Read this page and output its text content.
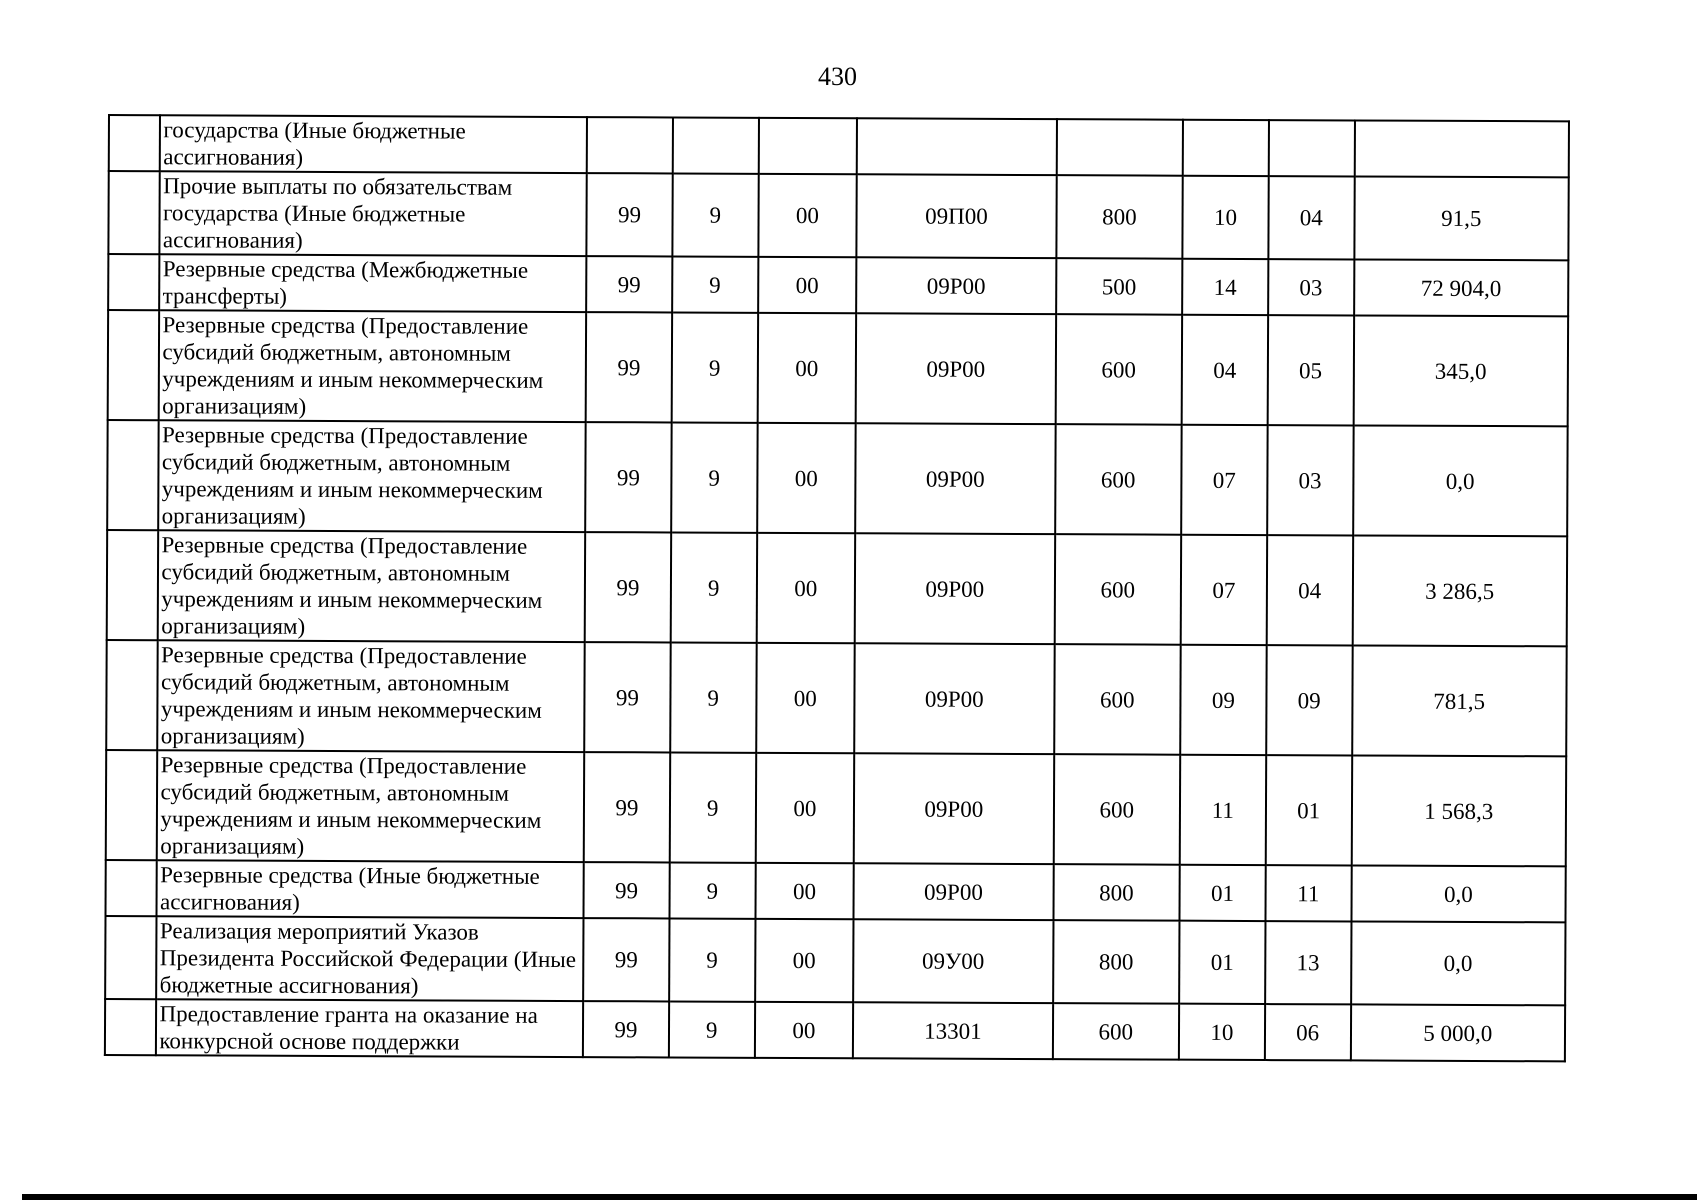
430
	государства (Иные бюджетные ассигнования)								
	Прочие выплаты по обязательствам государства (Иные бюджетные ассигнования)	99	9	00	09П00	800	10	04	91,5
	Резервные средства (Межбюджетные трансферты)	99	9	00	09Р00	500	14	03	72 904,0
	Резервные средства (Предоставление субсидий бюджетным, автономным учреждениям и иным некоммерческим организациям)	99	9	00	09Р00	600	04	05	345,0
	Резервные средства (Предоставление субсидий бюджетным, автономным учреждениям и иным некоммерческим организациям)	99	9	00	09Р00	600	07	03	0,0
	Резервные средства (Предоставление субсидий бюджетным, автономным учреждениям и иным некоммерческим организациям)	99	9	00	09Р00	600	07	04	3 286,5
	Резервные средства (Предоставление субсидий бюджетным, автономным учреждениям и иным некоммерческим организациям)	99	9	00	09Р00	600	09	09	781,5
	Резервные средства (Предоставление субсидий бюджетным, автономным учреждениям и иным некоммерческим организациям)	99	9	00	09Р00	600	11	01	1 568,3
	Резервные средства (Иные бюджетные ассигнования)	99	9	00	09Р00	800	01	11	0,0
	Реализация мероприятий Указов Президента Российской Федерации (Иные бюджетные ассигнования)	99	9	00	09У00	800	01	13	0,0
	Предоставление гранта на оказание на конкурсной основе поддержки	99	9	00	13301	600	10	06	5 000,0
